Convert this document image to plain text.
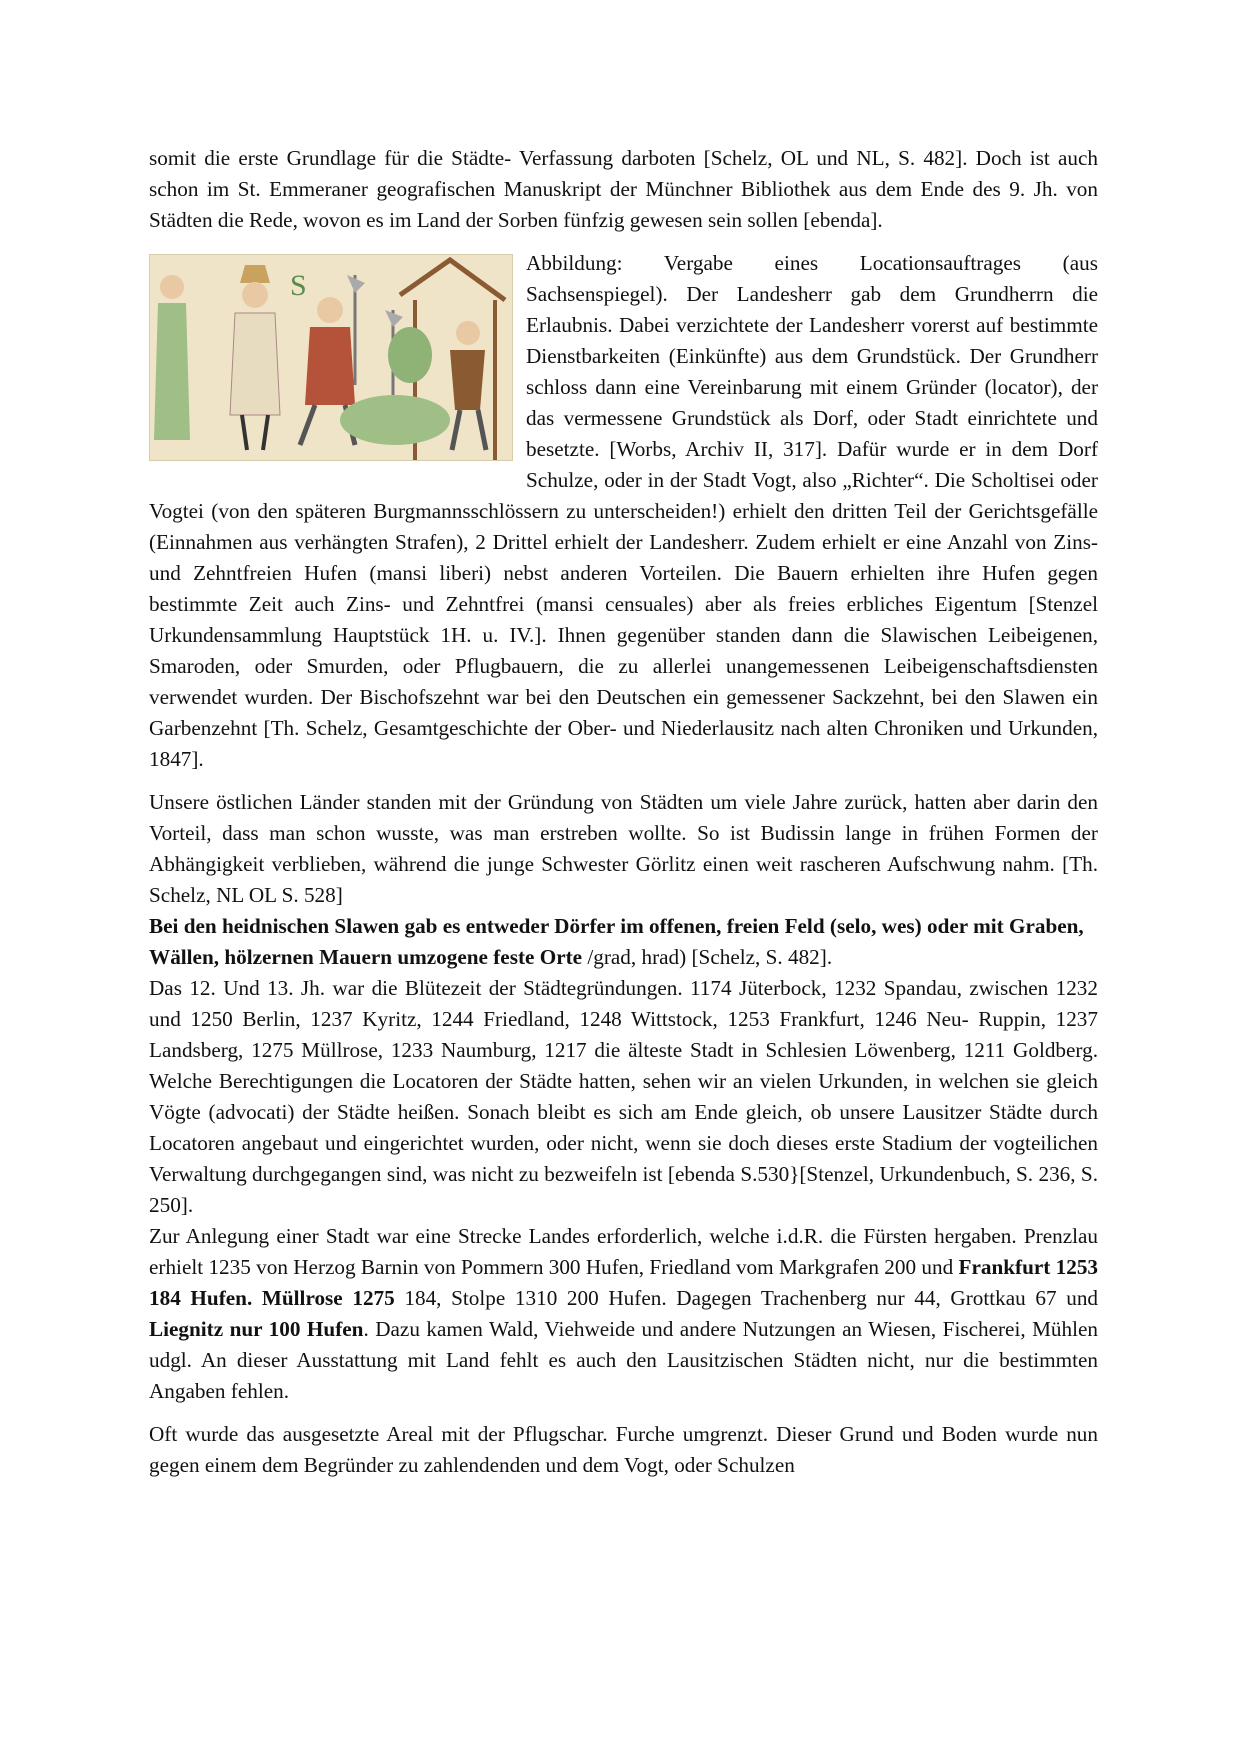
somit die erste Grundlage für die Städte- Verfassung darboten [Schelz, OL und NL, S. 482]. Doch ist auch schon im St. Emmeraner geografischen Manuskript der Münchner Bibliothek aus dem Ende des 9. Jh. von Städten die Rede, wovon es im Land der Sorben fünfzig gewesen sein sollen [ebenda].

S
Abbildung: Vergabe eines Locationsauftrages (aus Sachsenspiegel). Der Landesherr gab dem Grundherrn die Erlaubnis. Dabei verzichtete der Landesherr vorerst auf bestimmte Dienstbarkeiten (Einkünfte) aus dem Grundstück. Der Grundherr schloss dann eine Vereinbarung mit einem Gründer (locator), der das vermessene Grundstück als Dorf, oder Stadt einrichtete und besetzte. [Worbs, Archiv II, 317]. Dafür wurde er in dem Dorf Schulze, oder in der Stadt Vogt, also „Richter“. Die Scholtisei oder Vogtei (von den späteren Burgmannsschlössern zu unterscheiden!) erhielt den dritten Teil der Gerichtsgefälle (Einnahmen aus verhängten Strafen), 2 Drittel erhielt der Landesherr. Zudem erhielt er eine Anzahl von Zins- und Zehntfreien Hufen (mansi liberi) nebst anderen Vorteilen. Die Bauern erhielten ihre Hufen gegen bestimmte Zeit auch Zins- und Zehntfrei (mansi censuales) aber als freies erbliches Eigentum [Stenzel Urkundensammlung Hauptstück 1H. u. IV.]. Ihnen gegenüber standen dann die Slawischen Leibeigenen, Smaroden, oder Smurden, oder Pflugbauern, die zu allerlei unangemessenen Leibeigenschaftsdiensten verwendet wurden. Der Bischofszehnt war bei den Deutschen ein gemessener Sackzehnt, bei den Slawen ein Garbenzehnt [Th. Schelz, Gesamtgeschichte der Ober- und Niederlausitz nach alten Chroniken und Urkunden, 1847].

Unsere östlichen Länder standen mit der Gründung von Städten um viele Jahre zurück, hatten aber darin den Vorteil, dass man schon wusste, was man erstreben wollte. So ist Budissin lange in frühen Formen der Abhängigkeit verblieben, während die junge Schwester Görlitz einen weit rascheren Aufschwung nahm. [Th. Schelz, NL OL S. 528]

Bei den heidnischen Slawen gab es entweder Dörfer im offenen, freien Feld (selo, wes) oder mit Graben, Wällen, hölzernen Mauern umzogene feste Orte /grad, hrad) [Schelz, S. 482].

Das 12. Und 13. Jh. war die Blütezeit der Städtegründungen. 1174 Jüterbock, 1232 Spandau, zwischen 1232 und 1250 Berlin, 1237 Kyritz, 1244 Friedland, 1248 Wittstock, 1253 Frankfurt, 1246 Neu- Ruppin, 1237 Landsberg, 1275 Müllrose, 1233 Naumburg, 1217 die älteste Stadt in Schlesien Löwenberg, 1211 Goldberg. Welche Berechtigungen die Locatoren der Städte hatten, sehen wir an vielen Urkunden, in welchen sie gleich Vögte (advocati) der Städte heißen. Sonach bleibt es sich am Ende gleich, ob unsere Lausitzer Städte durch Locatoren angebaut und eingerichtet wurden, oder nicht, wenn sie doch dieses erste Stadium der vogteilichen Verwaltung durchgegangen sind, was nicht zu bezweifeln ist [ebenda S.530}[Stenzel, Urkundenbuch, S. 236, S. 250].

Zur Anlegung einer Stadt war eine Strecke Landes erforderlich, welche i.d.R. die Fürsten hergaben. Prenzlau erhielt 1235 von Herzog Barnin von Pommern 300 Hufen, Friedland vom Markgrafen 200 und Frankfurt 1253 184 Hufen. Müllrose 1275 184, Stolpe 1310 200 Hufen. Dagegen Trachenberg nur 44, Grottkau 67 und Liegnitz nur 100 Hufen. Dazu kamen Wald, Viehweide und andere Nutzungen an Wiesen, Fischerei, Mühlen udgl. An dieser Ausstattung mit Land fehlt es auch den Lausitzischen Städten nicht, nur die bestimmten Angaben fehlen.

Oft wurde das ausgesetzte Areal mit der Pflugschar. Furche umgrenzt. Dieser Grund und Boden wurde nun gegen einem dem Begründer zu zahlendenden und dem Vogt, oder Schulzen
